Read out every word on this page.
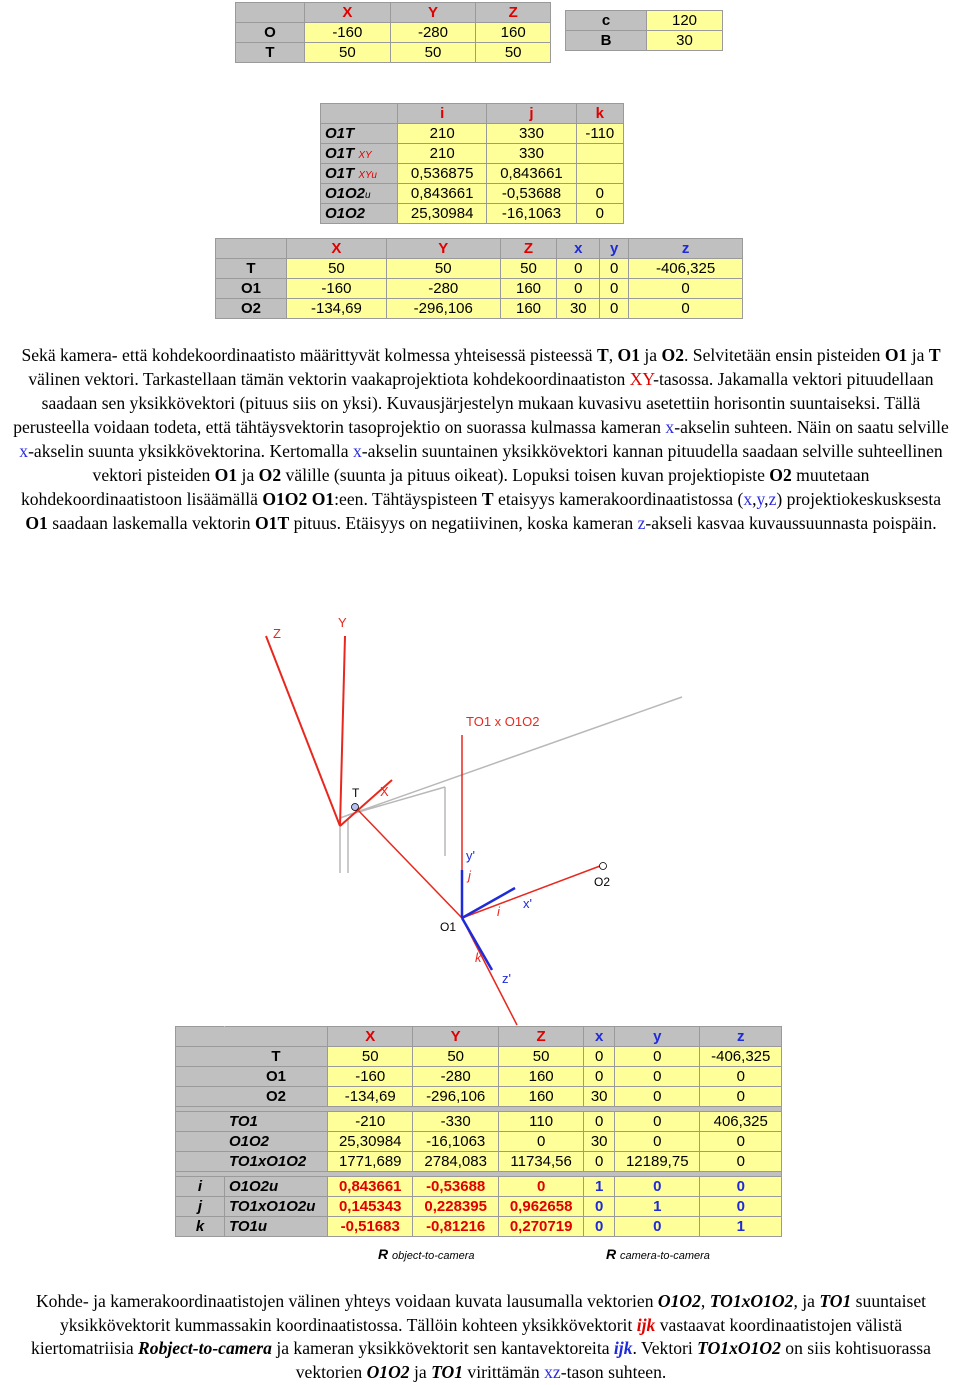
	X	Y	Z
O	-160	-280	160
T	50	50	50
c	120
B	30
	i	j	k
O1T	210	330	-110
O1T XY	210	330	
O1T XYu	0,536875	0,843661	
O1O2u	0,843661	-0,53688	0
O1O2	25,30984	-16,1063	0
	X	Y	Z	x	y	z
T	50	50	50	0	0	-406,325
O1	-160	-280	160	0	0	0
O2	-134,69	-296,106	160	30	0	0
Sekä kamera- että kohdekoordinaatisto määrittyvät kolmessa yhteisessä pisteessä T, O1 ja O2. Selvitetään ensin pisteiden O1 ja T välinen vektori. Tarkastellaan tämän vektorin vaakaprojektiota kohdekoordinaatiston XY-tasossa. Jakamalla vektori pituudellaan saadaan sen yksikkövektori (pituus siis on yksi). Kuvausjärjestelyn mukaan kuvasivu asetettiin horisontin suuntaiseksi. Tällä perusteella voidaan todeta, että tähtäysvektorin tasoprojektio on suorassa kulmassa kameran x-akselin suhteen. Näin on saatu selville x-akselin suunta yksikkövektorina. Kertomalla x-akselin suuntainen yksikkövektori kannan pituudella saadaan selville suhteellinen vektori pisteiden O1 ja O2 välille (suunta ja pituus oikeat). Lopuksi toisen kuvan projektiopiste O2 muutetaan kohdekoordinaatistoon lisäämällä O1O2 O1:een. Tähtäyspisteen T etaisyys kamerakoordinaatistossa (x,y,z) projektiokeskusksesta O1 saadaan laskemalla vektorin O1T pituus. Etäisyys on negatiivinen, koska kameran z-akseli kasvaa kuvaussuunnasta poispäin.
Z
Y
TO1 x O1O2
X
T
y'
j	O2
x'
i
O1
k
z'
		X	Y	Z	x	y	z
	T	50	50	50	0	0	-406,325
	O1	-160	-280	160	0	0	0
	O2	-134,69	-296,106	160	30	0	0

	TO1	-210	-330	110	0	0	406,325
	O1O2	25,30984	-16,1063	0	30	0	0
	TO1xO1O2	1771,689	2784,083	11734,56	0	12189,75	0

i	O1O2u	0,843661	-0,53688	0	1	0	0
j	TO1xO1O2u	0,145343	0,228395	0,962658	0	1	0
k	TO1u	-0,51683	-0,81216	0,270719	0	0	1
R object-to-camera	R camera-to-camera
Kohde- ja kamerakoordinaatistojen välinen yhteys voidaan kuvata lausumalla vektorien O1O2, TO1xO1O2, ja TO1 suuntaiset yksikkövektorit kummassakin koordinaatistossa. Tällöin kohteen yksikkövektorit ijk vastaavat koordinaatistojen välistä kiertomatriisia Robject-to-camera ja kameran yksikkövektorit sen kantavektoreita ijk. Vektori TO1xO1O2 on siis kohtisuorassa vektorien O1O2 ja TO1 virittämän xz-tason suhteen.
